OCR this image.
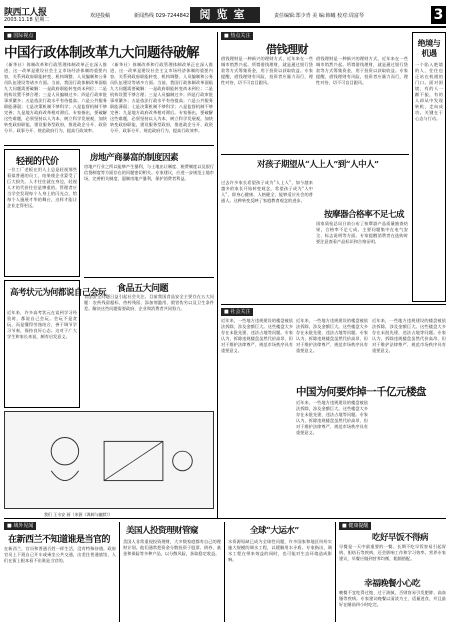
陕西工人报
2003.11.18 星期二
欢迎投稿	新闻热线 029-7244842 阅览室	责任编辑:郑少青 美 编:韩曦 校对:周富琴	3
■ 国际视点
中国行政体制改革九大问题待破解
（新华社）体制改革和行政管理体制改革正在深入推进，这一改革是建设社会主义市场经济体制的重要内容，关系到政府职能转变、机构调整、人员编制和公务员队伍建设等诸多方面。当前，我国行政体制改革面临九大问题需要破解：一是政府职能转变尚未到位；二是机构设置不够合理；三是人员编制过多；四是行政审批事项繁多；五是依法行政水平有待提高；六是公共服务职能薄弱；七是决策机制不够科学；八是监督机制不够完善；九是地方政府改革相对滞后。专家指出，要破解这些难题，必须坚持以人为本，树立科学发展观，加快转变政府职能，建设服务型政府，推进政企分开、政资分开、政事分开，规范政府行为，提高行政效率。
（新华社）体制改革和行政管理体制改革正在深入推进，这一改革是建设社会主义市场经济体制的重要内容，关系到政府职能转变、机构调整、人员编制和公务员队伍建设等诸多方面。当前，我国行政体制改革面临九大问题需要破解：一是政府职能转变尚未到位；二是机构设置不够合理；三是人员编制过多；四是行政审批事项繁多；五是依法行政水平有待提高；六是公共服务职能薄弱；七是决策机制不够科学；八是监督机制不够完善；九是地方政府改革相对滞后。专家指出，要破解这些难题，必须坚持以人为本，树立科学发展观，加快转变政府职能，建设服务型政府，推进政企分开、政资分开、政事分开，规范政府行为，提高行政效率。
轻视的代价
一位工厂老板在用人上总是轻视那些看似普通的员工，结果使企业蒙受了巨大损失。人才往往就在身边，轻视人才的代价往往是惨重的。管理者应当学会发现每个人身上的闪光点，给每个人施展才华的舞台，这样才能让企业走得更远。
高考状元为何都说自己会玩
近年来，许多高考状元在谈到学习经验时，都说自己会玩。会玩不是贪玩，而是懂得劳逸结合，善于调节学习节奏，保持良好心态。这对于广大学生和家长来说，颇有启发意义。
房地产商暴富的制度因素
房地产行业之所以能够产生暴利，与土地出让制度、税费制度以及银行信贷制度等方面存在的问题密切相关。专家建议，应进一步规范土地市场，完善相关制度，遏制房地产暴利，保护消费者利益。
食品五大问题
食品安全问题日益引起社会关注。目前我国食品安全主要存在五大问题：农药残留超标、兽药残留、添加剂滥用、假冒伪劣以及卫生条件差。解决这些问题需要政府、企业和消费者共同努力。
我们 王水安 画（来源《讽刺与幽默》）
■ 热点关注
借钱理财
借钱理财是一种新兴的理财方式，近年来在一些城市悄然兴起。所谓借钱理财，就是通过银行贷款等方式筹集资金，用于投资以获取收益。专家提醒，借钱理财有风险，投资者应量力而行，理性对待，切不可盲目跟风。
借钱理财是一种新兴的理财方式，近年来在一些城市悄然兴起。所谓借钱理财，就是通过银行贷款等方式筹集资金，用于投资以获取收益。专家提醒，借钱理财有风险，投资者应量力而行，理性对待，切不可盲目跟风。
对孩子期望从“人上人”到“人中人”
过去许多家长希望孩子成为“人上人”，如今越来越多的家长开始转变观念，希望孩子成为“人中人”，即身心健康、人格健全、能够适应社会的普通人。这种转变反映了家庭教育观念的进步。
按摩器合格率不足七成
国家质检总局日前公布了按摩器产品质量抽查结果，合格率不足七成。主要问题集中在电气安全、标志说明等方面。专家提醒消费者在选购时要注意查看产品标识和合格证明。
绝境与机遇
一个陷入绝境的人，往往也正站在机遇的门口。面对困境，有的人一蹶不振，有的人却从中发现转机，走向成功。关键在于心态与行动。
■ 社会关注
近年来，一些地方违规建设的楼盘被依法拆除，涉及金额巨大。这些楼盘大多存在未批先建、违法占地等问题。专家认为，拆除违规楼盘虽然代价高昂，但对于维护法律尊严、规范市场秩序具有重要意义。
近年来，一些地方违规建设的楼盘被依法拆除，涉及金额巨大。这些楼盘大多存在未批先建、违法占地等问题。专家认为，拆除违规楼盘虽然代价高昂，但对于维护法律尊严、规范市场秩序具有重要意义。
中国为何要炸掉一千亿元楼盘
近年来，一些地方违规建设的楼盘被依法拆除，涉及金额巨大。这些楼盘大多存在未批先建、违法占地等问题。专家认为，拆除违规楼盘虽然代价高昂，但对于维护法律尊严、规范市场秩序具有重要意义。
近年来，一些地方违规建设的楼盘被依法拆除，涉及金额巨大。这些楼盘大多存在未批先建、违法占地等问题。专家认为，拆除违规楼盘虽然代价高昂，但对于维护法律尊严、规范市场秩序具有重要意义。
■ 域外见闻
在新西兰不知道谁是当官的
在新西兰，官员和普通百姓一样生活，没有特殊待遇。政府官员上下班自己开车或乘坐公共交通，出差住普通旅馆，人们在街上根本看不出谁是当官的。
美国人投资理财管窥
美国人非常重视投资理财，大多数家庭都有自己的理财计划。他们通常把资金分散投资于股票、债券、基金和保险等多种产品，以分散风险，获取稳定收益。
全球“大运水”
水资源短缺已成为全球性问题，许多国家和地区纷纷实施大规模的调水工程，以缓解用水矛盾。专家指出，调水工程在带来效益的同时，也可能对生态环境造成影响。
■ 健康提醒
吃好早饭不得病
早餐是一天中最重要的一餐。长期不吃早饭容易引起胃病、胆结石等疾病，还会影响工作和学习效率。营养专家建议，早餐应做到营养均衡，粗细搭配。
幸福晚餐小心吃
晚餐不宜吃得过饱、过于油腻，否则容易引发肥胖、高血脂等疾病。专家建议晚餐以清淡为主，适量进食，并且最好在睡前四小时吃完。
